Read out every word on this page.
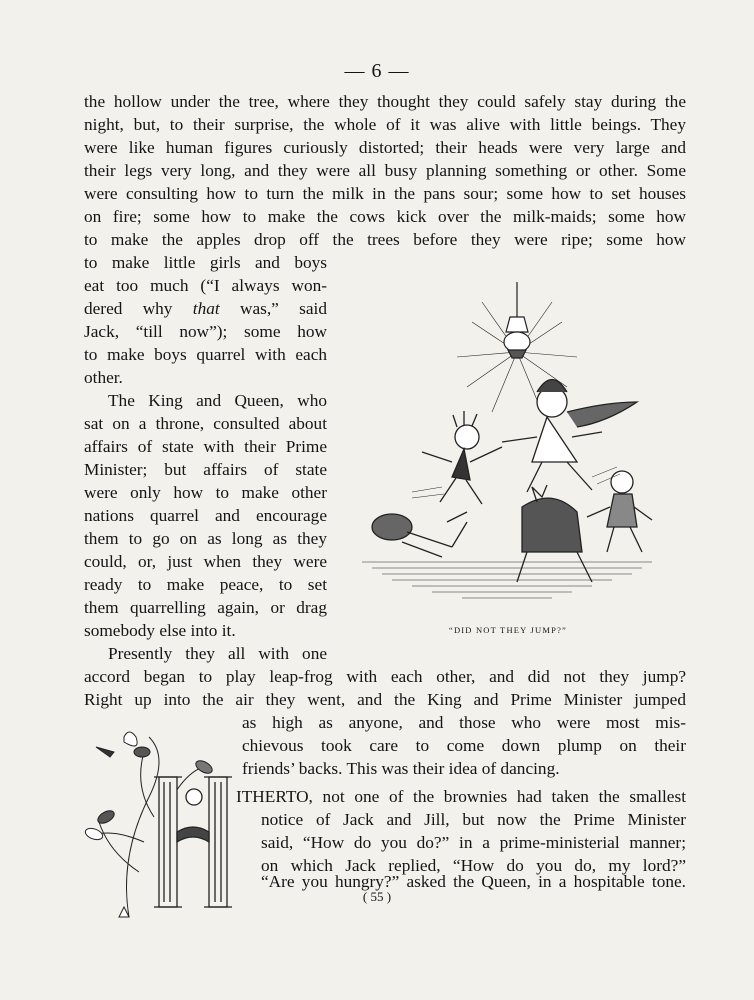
— 6 —
the hollow under the tree, where they thought they could safely stay during the
night, but, to their surprise, the whole of it was alive with little beings. They
were like human figures curiously distorted; their heads were very large and
their legs very long, and they were all busy planning something or other. Some
were consulting how to turn the milk in the pans sour; some how to set houses
on fire; some how to make the cows kick over the milk-maids; some how
to make the apples drop off the trees before they were ripe; some how
to make little girls and boys
eat too much (“I always won-
dered why that was,” said
Jack, “till now”); some how
to make boys quarrel with each
other.
The King and Queen, who
sat on a throne, consulted about
affairs of state with their Prime
Minister; but affairs of state
were only how to make other
nations quarrel and encourage
them to go on as long as they
could, or, just when they were
ready to make peace, to set
them quarrelling again, or drag
somebody else into it.
Presently they all with one
accord began to play leap-frog with each other, and did not they jump?
Right up into the air they went, and the King and Prime Minister jumped
as high as anyone, and those who were most mis-
chievous took care to come down plump on their
friends’ backs. This was their idea of dancing.
ITHERTO, not one of the brownies had taken the smallest
notice of Jack and Jill, but now the Prime Minister
said, “How do you do?” in a prime-ministerial manner;
on which Jack replied, “How do you do, my lord?”
“Are you hungry?” asked the Queen, in a hospitable tone.
“DID NOT THEY JUMP?”
( 55 )
